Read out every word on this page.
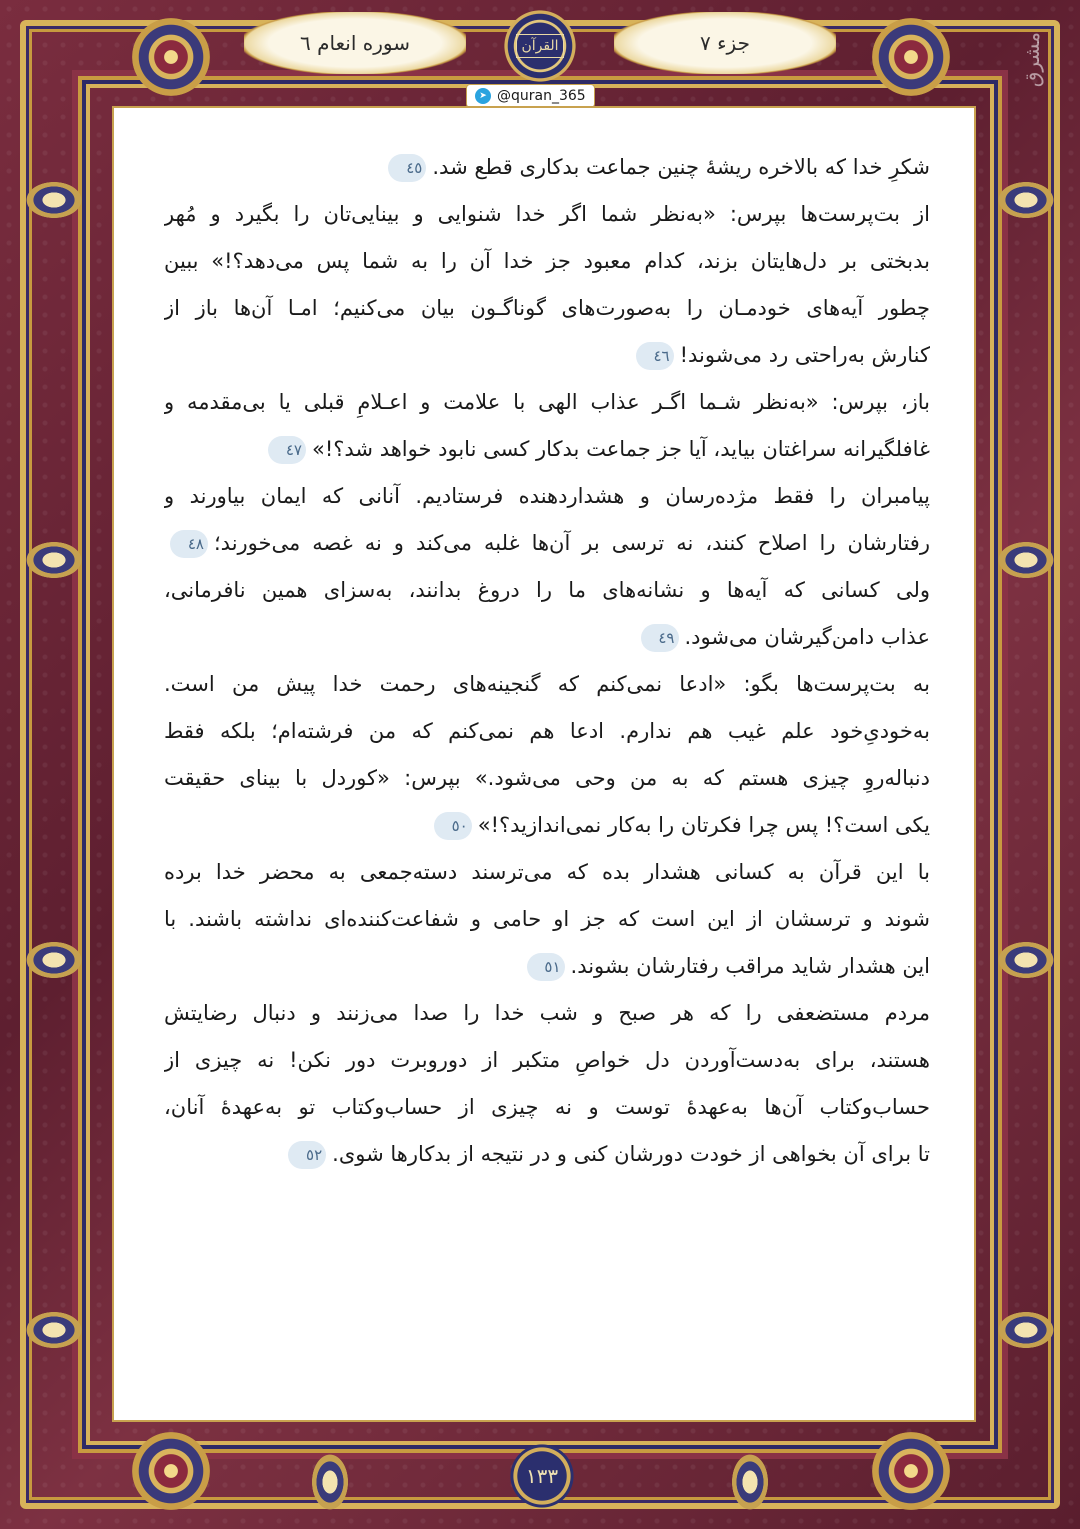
سوره انعام ٦	جزء ٧
القرآن
➤ @quran_365
مشرق
شکرِ خدا که بالاخره ریشهٔ چنین جماعت بدکاری قطع شد.٤٥
از بت‌پرست‌ها بپرس: «به‌نظر شما اگر خدا شنوایی و بینایی‌تان را بگیرد و مُهر
بدبختی بر دل‌هایتان بزند، کدام معبود جز خدا آن را به شما پس می‌دهد؟!» ببین
چطور آیه‌های خودمـان را به‌صورت‌های گوناگـون بیان می‌کنیم؛ امـا آن‌ها باز از
کنارش به‌راحتی رد می‌شوند!٤٦
باز، بپرس: «به‌نظر شـما اگـر عذاب الهی با علامت و اعـلامِ قبلی یا بی‌مقدمه و
غافلگیرانه سراغتان بیاید، آیا جز جماعت بدکار کسی نابود خواهد شد؟!»٤٧
پیامبران را فقط مژده‌رسان و هشداردهنده فرستادیم. آنانی که ایمان بیاورند و
رفتارشان را اصلاح کنند، نه ترسی بر آن‌ها غلبه می‌کند و نه غصه می‌خورند؛٤٨
ولی کسانی که آیه‌ها و نشانه‌های ما را دروغ بدانند، به‌سزای همین نافرمانی،
عذاب دامن‌گیرشان می‌شود.٤٩
به بت‌پرست‌ها بگو: «ادعا نمی‌کنم که گنجینه‌های رحمت خدا پیش من است.
به‌خودیِ‌خود علم غیب هم ندارم. ادعا هم نمی‌کنم که من فرشته‌ام؛ بلکه فقط
دنباله‌روِ چیزی هستم که به من وحی می‌شود.» بپرس: «کوردل با بینای حقیقت
یکی است؟! پس چرا فکرتان را به‌کار نمی‌اندازید؟!»٥٠
با این قرآن به کسانی هشدار بده که می‌ترسند دسته‌جمعی به محضر خدا برده
شوند و ترسشان از این است که جز او حامی و شفاعت‌کننده‌ای نداشته باشند. با
این هشدار شاید مراقب رفتارشان بشوند.٥١
مردم مستضعفی را که هر صبح و شب خدا را صدا می‌زنند و دنبال رضایتش
هستند، برای به‌دست‌آوردن دل خواصِ متکبر از دوروبرت دور نکن! نه چیزی از
حساب‌وکتاب آن‌ها به‌عهدهٔ توست و نه چیزی از حساب‌وکتاب تو به‌عهدهٔ آنان،
تا برای آن بخواهی از خودت دورشان کنی و در نتیجه از بدکارها شوی.٥٢
١٣٣
